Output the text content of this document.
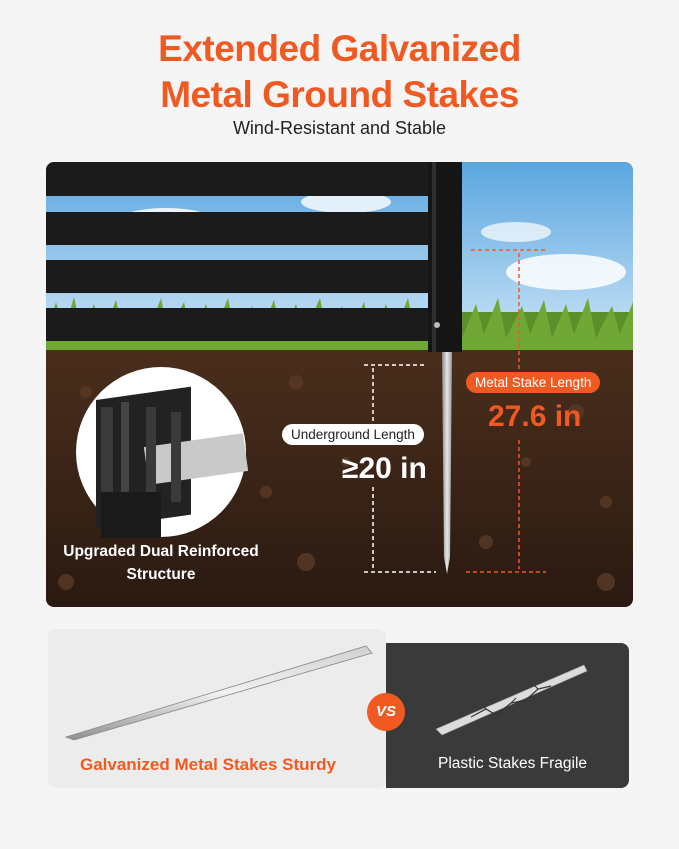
Extended Galvanized
Metal Ground Stakes
Wind-Resistant and Stable
Upgraded Dual Reinforced
Structure
Underground Length
≥20 in
Metal Stake Length
27.6 in
VS
Galvanized Metal Stakes Sturdy	Plastic Stakes Fragile
